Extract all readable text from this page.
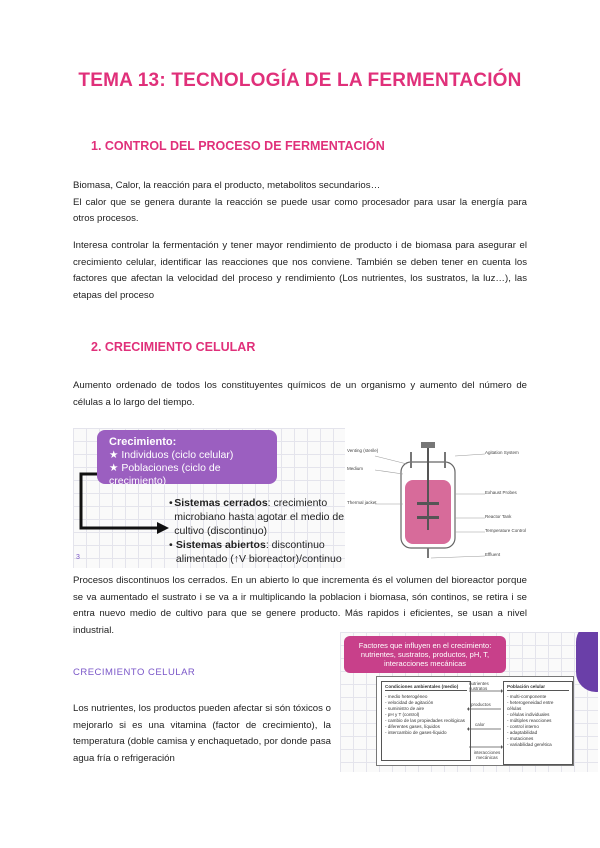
TEMA 13: TECNOLOGÍA DE LA FERMENTACIÓN
1. CONTROL DEL PROCESO DE FERMENTACIÓN

Biomasa, Calor, la reacción para el producto, metabolitos secundarios…

El calor que se genera durante la reacción se puede usar como procesador para usar la energía para otros procesos.

Interesa controlar la fermentación y tener mayor rendimiento de producto i de biomasa para asegurar el crecimiento celular, identificar las reacciones que nos conviene. También se deben tener en cuenta los factores que afectan la velocidad del proceso y rendimiento (Los nutrientes, los sustratos, la luz…), las etapas del proceso

2. CRECIMIENTO CELULAR

Aumento ordenado de todos los constituyentes químicos de un organismo y aumento del número de células a lo largo del tiempo.

Crecimiento:
★ Individuos (ciclo celular)
★ Poblaciones (ciclo de crecimiento)
• Sistemas cerrados: crecimiento microbiano hasta agotar el medio de cultivo (discontinuo)
• Sistemas abiertos: discontinuo alimentado (↑V bioreactor)/continuo
3
Venting (sterile)
Medium
Agitation System
Exhaust Probes
Thermal jacket
Reactor Tank
Temperature Control
Effluent

Procesos discontinuos los cerrados. En un abierto lo que incrementa és el volumen del bioreactor porque se va aumentado el sustrato i se va a ir multiplicando la poblacion i biomasa, són continos, se retira i se entra nuevo medio de cultivo para que se genere producto. Más rapidos i eficientes, se usan a nivel industrial.

CRECIMIENTO CELULAR

Los nutrientes, los productos pueden afectar si són tóxicos o mejorarlo si es una vitamina (factor de crecimiento), la temperatura (doble camisa y enchaquetado, por donde pasa agua fría o refrigeración

Factores que influyen en el crecimiento: nutrientes, sustratos, productos, pH, T, interacciones mecánicas
Condiciones ambientales (medio)
- medio heterogéneo
- velocidad de agitación
- suministro de aire
- pH y T (control)
- cambio de las propiedades reológicas
- diferentes gases, líquidos
- intercambio de gases-líquido
Población celular
- multi-componente
- heterogeneidad entre células
- células individuales
- múltiples reacciones
- control interno
- adaptabilidad
- mutaciones
- variabilidad genética
nutrientes
sustratos
productos
calor
interacciones mecánicas
